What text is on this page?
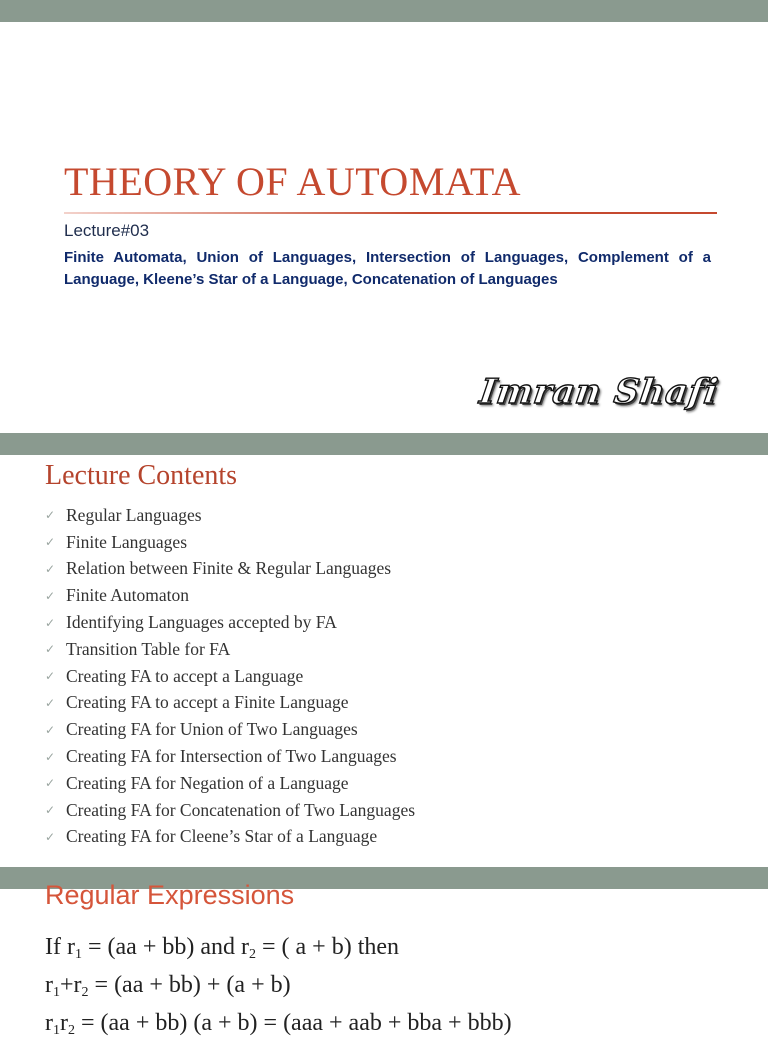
THEORY OF AUTOMATA
Lecture#03
Finite Automata, Union of Languages, Intersection of Languages, Complement of a Language, Kleene’s Star of a Language, Concatenation of Languages
Imran Shafi
Lecture Contents
✓ Regular Languages
✓ Finite Languages
✓ Relation between Finite & Regular Languages
✓ Finite Automaton
✓ Identifying Languages accepted by FA
✓ Transition Table for FA
✓ Creating FA to accept a Language
✓ Creating FA to accept a Finite Language
✓ Creating FA for Union of Two Languages
✓ Creating FA for Intersection of Two Languages
✓ Creating FA for Negation of a Language
✓ Creating FA for Concatenation of Two Languages
✓ Creating FA for Cleene’s Star of a Language
Regular Expressions
If $r_1 = (aa + bb)$ and $r_2$ = ( a + b) then
$r_1+r_2 = (aa + bb) + (a + b)$
$r_1r_2 = (aa + bb) (a + b) = (aaa$ + aab + bba + bbb)
